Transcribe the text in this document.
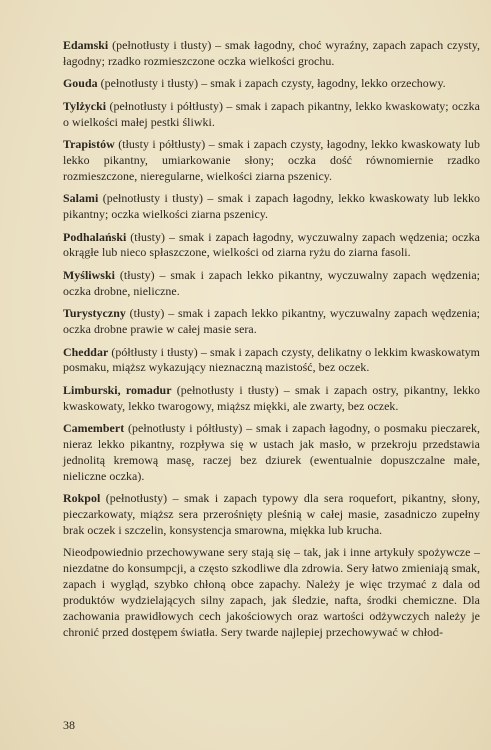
Edamski (pełnotłusty i tłusty) – smak łagodny, choć wyraźny, zapach zapach czysty, łagodny; rzadko rozmieszczone oczka wielkości grochu.

Gouda (pełnotłusty i tłusty) – smak i zapach czysty, łagodny, lekko orzechowy.

Tylżycki (pełnotłusty i półtłusty) – smak i zapach pikantny, lekko kwaskowaty; oczka o wielkości małej pestki śliwki.

Trapistów (tłusty i półtłusty) – smak i zapach czysty, łagodny, lekko kwaskowaty lub lekko pikantny, umiarkowanie słony; oczka dość równomiernie rzadko rozmieszczone, nieregularne, wielkości ziarna pszenicy.

Salami (pełnotłusty i tłusty) – smak i zapach łagodny, lekko kwaskowaty lub lekko pikantny; oczka wielkości ziarna pszenicy.

Podhalański (tłusty) – smak i zapach łagodny, wyczuwalny zapach wędzenia; oczka okrągłe lub nieco spłaszczone, wielkości od ziarna ryżu do ziarna fasoli.

Myśliwski (tłusty) – smak i zapach lekko pikantny, wyczuwalny zapach wędzenia; oczka drobne, nieliczne.

Turystyczny (tłusty) – smak i zapach lekko pikantny, wyczuwalny zapach wędzenia; oczka drobne prawie w całej masie sera.

Cheddar (półtłusty i tłusty) – smak i zapach czysty, delikatny o lekkim kwaskowatym posmaku, miąższ wykazujący nieznaczną mazistość, bez oczek.

Limburski, romadur (pełnotłusty i tłusty) – smak i zapach ostry, pikantny, lekko kwaskowaty, lekko twarogowy, miąższ miękki, ale zwarty, bez oczek.

Camembert (pełnotłusty i półtłusty) – smak i zapach łagodny, o posmaku pieczarek, nieraz lekko pikantny, rozpływa się w ustach jak masło, w przekroju przedstawia jednolitą kremową masę, raczej bez dziurek (ewentualnie dopuszczalne małe, nieliczne oczka).

Rokpol (pełnotłusty) – smak i zapach typowy dla sera roquefort, pikantny, słony, pieczarkowaty, miąższ sera przerośnięty pleśnią w całej masie, zasadniczo zupełny brak oczek i szczelin, konsystencja smarowna, miękka lub krucha.

Nieodpowiednio przechowywane sery stają się – tak, jak i inne artykuły spożywcze – niezdatne do konsumpcji, a często szkodliwe dla zdrowia. Sery łatwo zmieniają smak, zapach i wygląd, szybko chłoną obce zapachy. Należy je więc trzymać z dala od produktów wydzielających silny zapach, jak śledzie, nafta, środki chemiczne. Dla zachowania prawidłowych cech jakościowych oraz wartości odżywczych należy je chronić przed dostępem światła. Sery twarde najlepiej przechowywać w chłod-

38
